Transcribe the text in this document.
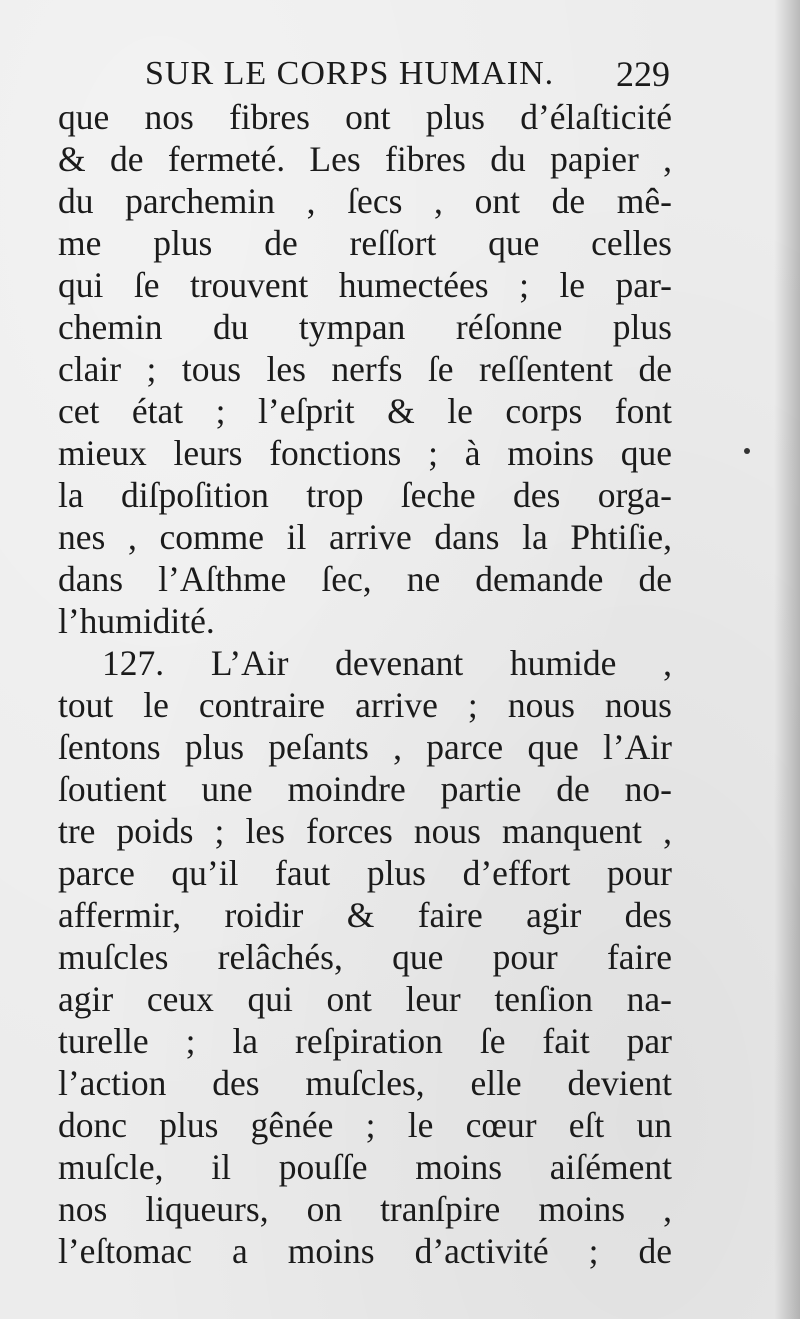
SUR LE CORPS HUMAIN. 229
que nos fibres ont plus d’élaſticité
& de fermeté. Les fibres du papier ,
du parchemin , ſecs , ont de mê-
me plus de reſſort que celles
qui ſe trouvent humectées ; le par-
chemin du tympan réſonne plus
clair ; tous les nerfs ſe reſſentent de
cet état ; l’eſprit & le corps font
mieux leurs fonctions ; à moins que
la diſpoſition trop ſeche des orga-
nes , comme il arrive dans la Phtiſie,
dans l’Aſthme ſec, ne demande de
l’humidité.
127. L’Air devenant humide ,
tout le contraire arrive ; nous nous
ſentons plus peſants , parce que l’Air
ſoutient une moindre partie de no-
tre poids ; les forces nous manquent ,
parce qu’il faut plus d’effort pour
affermir, roidir & faire agir des
muſcles relâchés, que pour faire
agir ceux qui ont leur tenſion na-
turelle ; la reſpiration ſe fait par
l’action des muſcles, elle devient
donc plus gênée ; le cœur eſt un
muſcle, il pouſſe moins aiſément
nos liqueurs, on tranſpire moins ,
l’eſtomac a moins d’activité ; de
